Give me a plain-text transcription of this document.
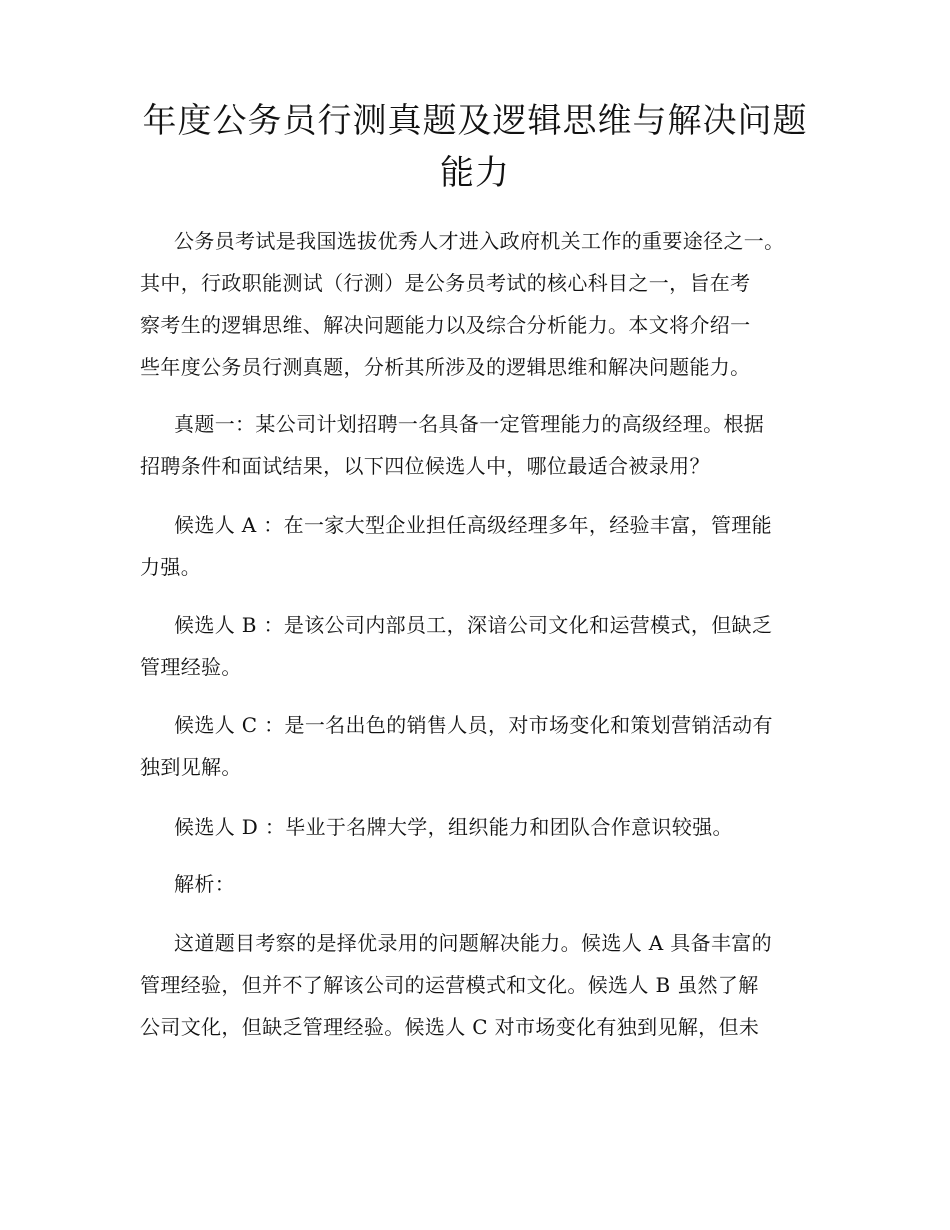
年度公务员行测真题及逻辑思维与解决问题
能力
公务员考试是我国选拔优秀人才进入政府机关工作的重要途径之一。
其中，行政职能测试（行测）是公务员考试的核心科目之一，旨在考
察考生的逻辑思维、解决问题能力以及综合分析能力。本文将介绍一
些年度公务员行测真题，分析其所涉及的逻辑思维和解决问题能力。
真题一：某公司计划招聘一名具备一定管理能力的高级经理。根据
招聘条件和面试结果，以下四位候选人中，哪位最适合被录用？
候选人 A ：在一家大型企业担任高级经理多年，经验丰富，管理能
力强。
候选人 B ：是该公司内部员工，深谙公司文化和运营模式，但缺乏
管理经验。
候选人 C ：是一名出色的销售人员，对市场变化和策划营销活动有
独到见解。
候选人 D ：毕业于名牌大学，组织能力和团队合作意识较强。
解析：
这道题目考察的是择优录用的问题解决能力。候选人 A 具备丰富的
管理经验，但并不了解该公司的运营模式和文化。候选人 B 虽然了解
公司文化，但缺乏管理经验。候选人 C 对市场变化有独到见解，但未
